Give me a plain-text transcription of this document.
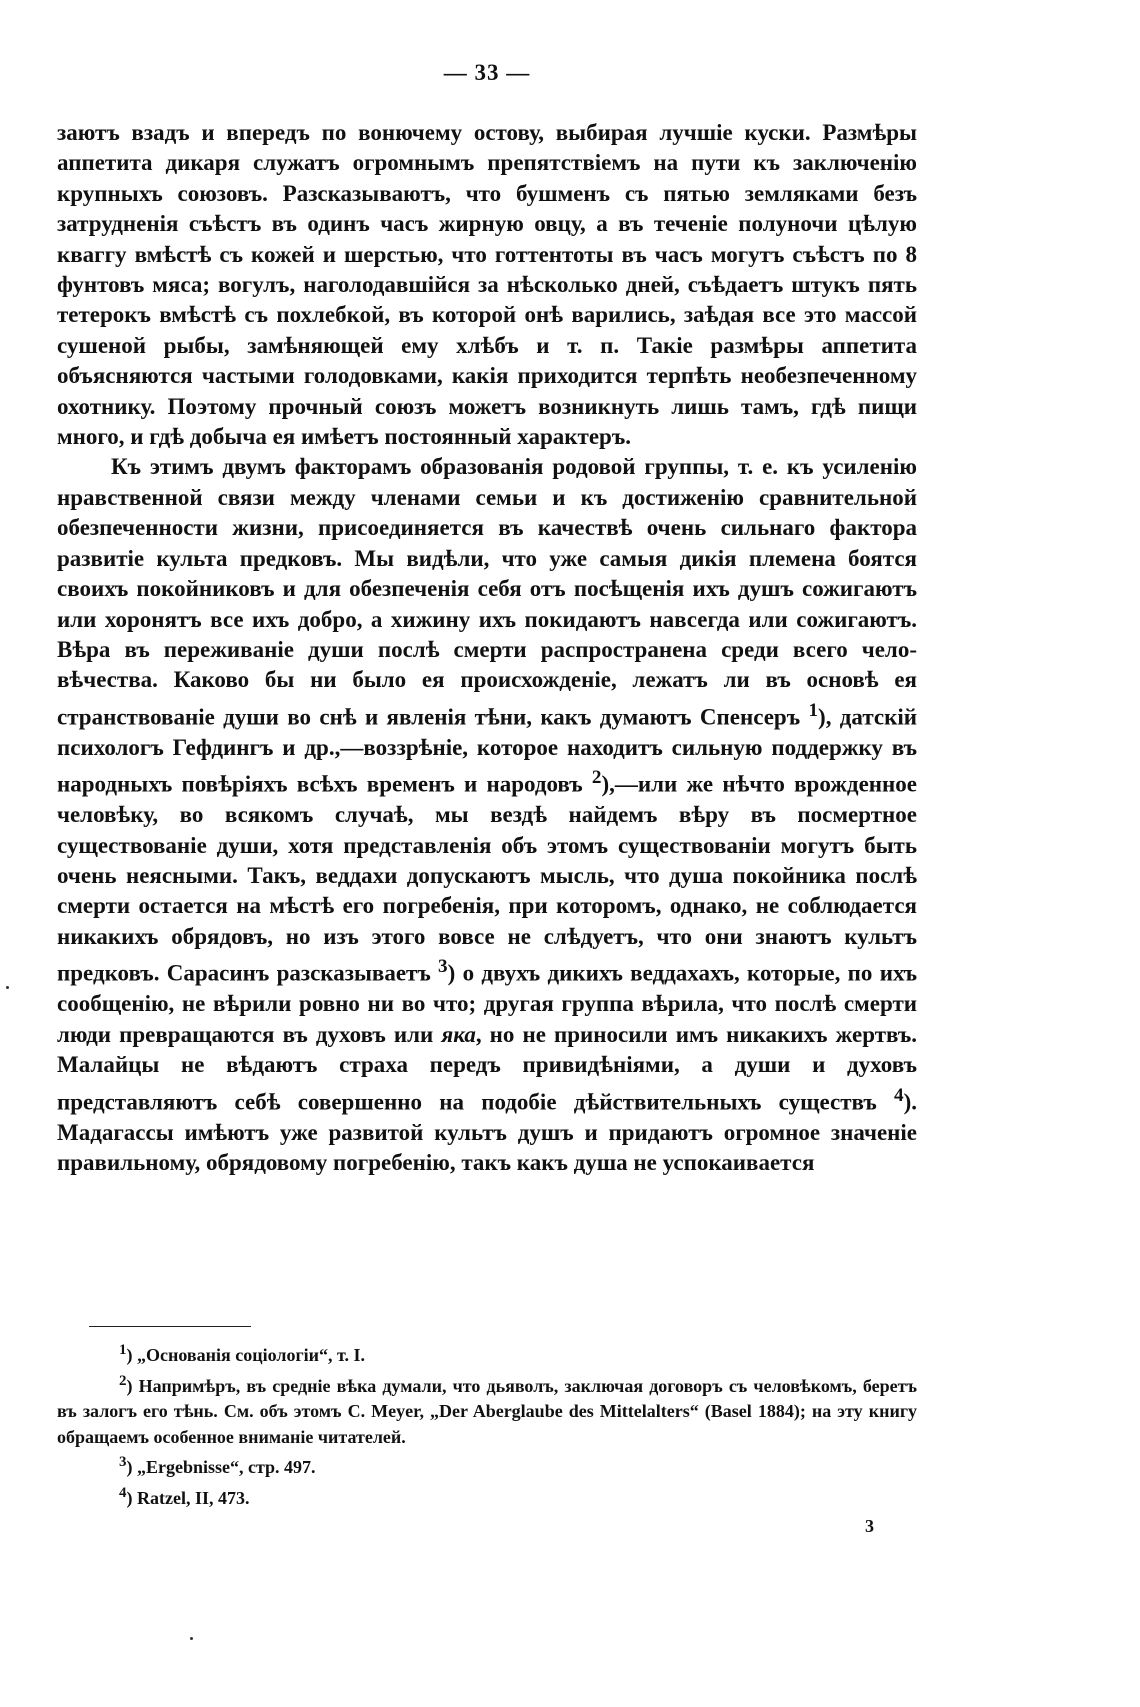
— 33 —

заютъ взадъ и впередъ по вонючему остову, выбирая лучшіе куски. Размѣры аппетита дикаря служатъ огромнымъ препятствіемъ на пути къ заключенію крупныхъ союзовъ. Разсказываютъ, что бушменъ съ пятью земляками безъ затрудненія съѣстъ въ одинъ часъ жирную овцу, а въ теченіе полуночи цѣлую кваггу вмѣстѣ съ кожей и шерстью, что готтентоты въ часъ могутъ съѣстъ по 8 фунтовъ мяса; вогулъ, наголодавшійся за нѣсколько дней, съѣдаетъ штукъ пять тетерокъ вмѣстѣ съ похлебкой, въ которой онѣ варились, заѣдая все это массой сушеной рыбы, замѣняющей ему хлѣбъ и т. п. Такіе размѣры аппетита объясняются частыми голодовками, какія приходится терпѣть необезпеченному охотнику. Поэтому прочный союзъ можетъ возникнуть лишь тамъ, гдѣ пищи много, и гдѣ добыча ея имѣетъ постоянный характеръ.

Къ этимъ двумъ факторамъ образованія родовой группы, т. е. къ усиленію нравственной связи между членами семьи и къ достиженію сравнительной обезпеченности жизни, присоединяется въ качествѣ очень сильнаго фактора развитіе культа предковъ. Мы видѣли, что уже самыя дикія племена боятся своихъ покойниковъ и для обезпеченія себя отъ посѣщенія ихъ душъ сожигаютъ или хоронятъ все ихъ добро, а хижину ихъ покидаютъ навсегда или сожигаютъ. Вѣра въ переживаніе души послѣ смерти распространена среди всего человѣчества. Каково бы ни было ея происхожденіе, лежатъ ли въ основѣ ея странствованіе души во снѣ и явленія тѣни, какъ думаютъ Спенсеръ $^1$), датскій психологъ Гефдингъ и др.,—воззрѣніе, которое находитъ сильную поддержку въ народныхъ повѣріяхъ всѣхъ временъ и народовъ $^2$),—или же нѣчто врожденное человѣку, во всякомъ случаѣ, мы вездѣ найдемъ вѣру въ посмертное существованіе души, хотя представленія объ этомъ существованіи могутъ быть очень неясными. Такъ, веддахи допускаютъ мысль, что душа покойника послѣ смерти остается на мѣстѣ его погребенія, при которомъ, однако, не соблюдается никакихъ обрядовъ, но изъ этого вовсе не слѣдуетъ, что они знаютъ культъ предковъ. Сарасинъ разсказываетъ $^3$) о двухъ дикихъ веддахахъ, которые, по ихъ сообщенію, не вѣрили ровно ни во что; другая группа вѣрила, что послѣ смерти люди превращаются въ духовъ или яка, но не приносили имъ никакихъ жертвъ. Малайцы не вѣдаютъ страха передъ привидѣніями, а души и духовъ представляютъ себѣ совершенно на подобіе дѣйствительныхъ существъ $^4$). Мадагассы имѣютъ уже развитой культъ душъ и придаютъ огромное значеніе правильному, обрядовому погребенію, такъ какъ душа не успокаивается

$^1$) „Основанія соціологіи“, т. I.

$^2$) Напримѣръ, въ средніе вѣка думали, что дьяволъ, заключая договоръ съ человѣкомъ, беретъ въ залогъ его тѣнь. См. объ этомъ C. Meyer, „Der Aberglaube des Mittelalters“ (Basel 1884); на эту книгу обращаемъ особенное вниманіе читателей.

$^3$) „Ergebnisse“, стр. 497.

$^4$) Ratzel, II, 473.

3
